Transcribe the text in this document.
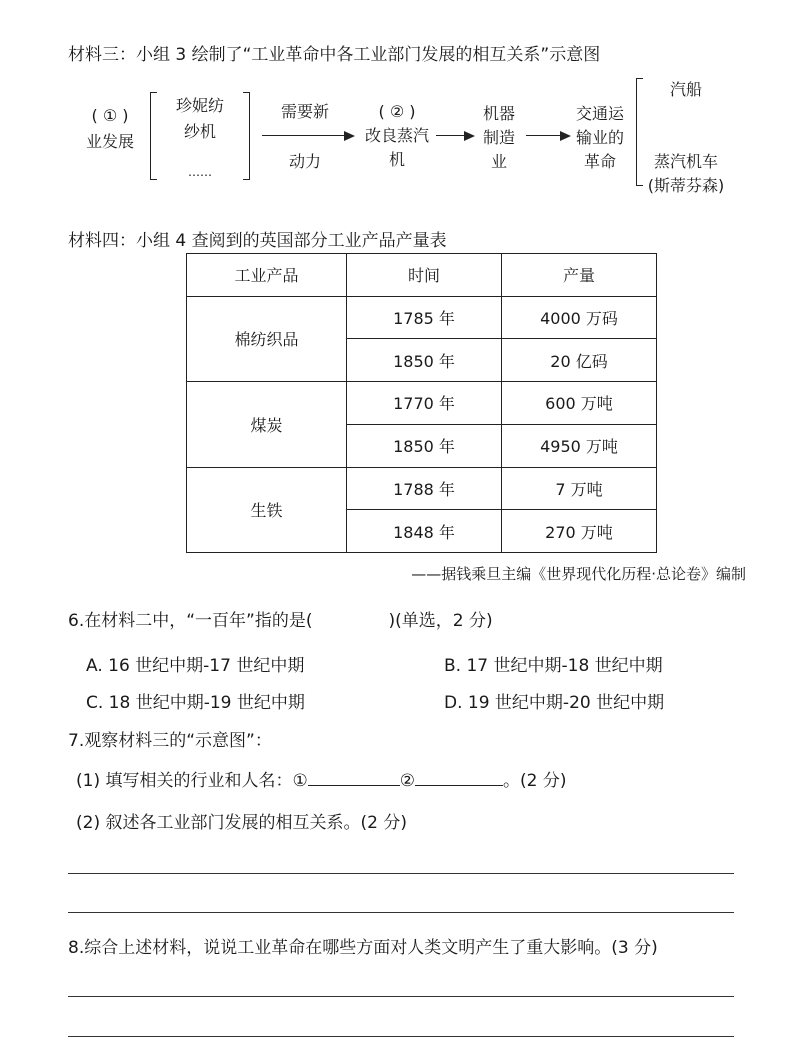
材料三：小组 3 绘制了“工业革命中各工业部门发展的相互关系”示意图
( ① )
业发展
珍妮纺
纱机
……
需要新
动力
( ② )
改良蒸汽
机
机器
制造
业
交通运
输业的
革命
汽船
蒸汽机车
(斯蒂芬森)
材料四：小组 4 查阅到的英国部分工业产品产量表
工业产品	时间	产量
棉纺织品	1785 年	4000 万码
	1850 年	20 亿码
煤炭	1770 年	600 万吨
	1850 年	4950 万吨
生铁	1788 年	7 万吨
	1848 年	270 万吨
——据钱乘旦主编《世界现代化历程·总论卷》编制
6.在材料二中，“一百年”指的是(	)(单选，2 分)
A. 16 世纪中期-17 世纪中期	B. 17 世纪中期-18 世纪中期
C. 18 世纪中期-19 世纪中期	D. 19 世纪中期-20 世纪中期
7.观察材料三的“示意图”：
(1) 填写相关的行业和人名：①	②	。(2 分)
(2) 叙述各工业部门发展的相互关系。(2 分)
8.综合上述材料，说说工业革命在哪些方面对人类文明产生了重大影响。(3 分)
